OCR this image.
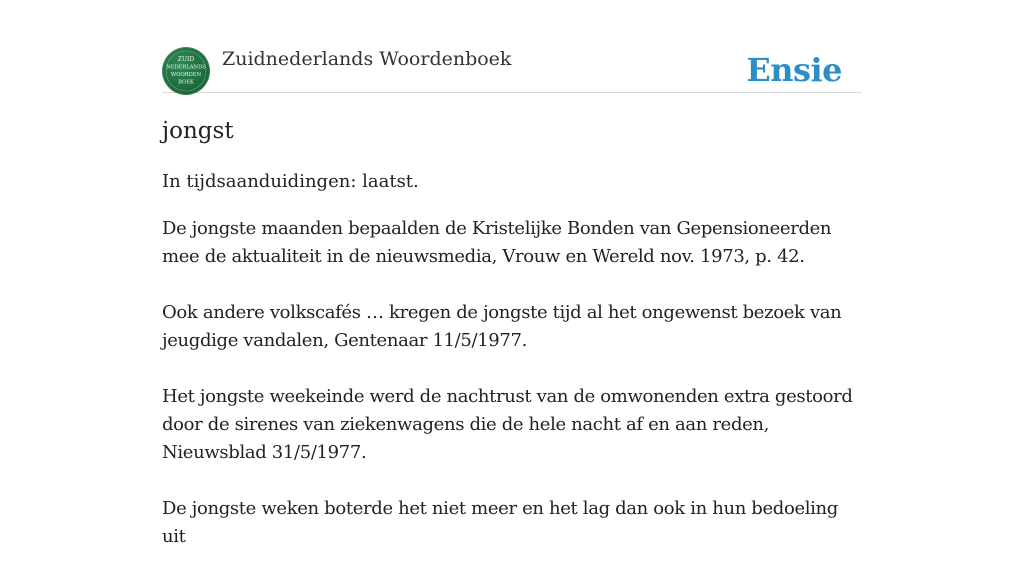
ZUID
NEDERLANDS
WOORDEN
BOEK
Zuidnederlands Woordenboek	Ensie
jongst

In tijdsaanduidingen: laatst.

De jongste maanden bepaalden de Kristelijke Bonden van Gepensioneerden mee de aktualiteit in de nieuwsmedia, Vrouw en Wereld nov. 1973, p. 42.

Ook andere volkscafés … kregen de jongste tijd al het ongewenst bezoek van jeugdige vandalen, Gentenaar 11/5/1977.

Het jongste weekeinde werd de nachtrust van de omwonenden extra gestoord door de sirenes van ziekenwagens die de hele nacht af en aan reden, Nieuwsblad 31/5/1977.

De jongste weken boterde het niet meer en het lag dan ook in hun bedoeling uit
